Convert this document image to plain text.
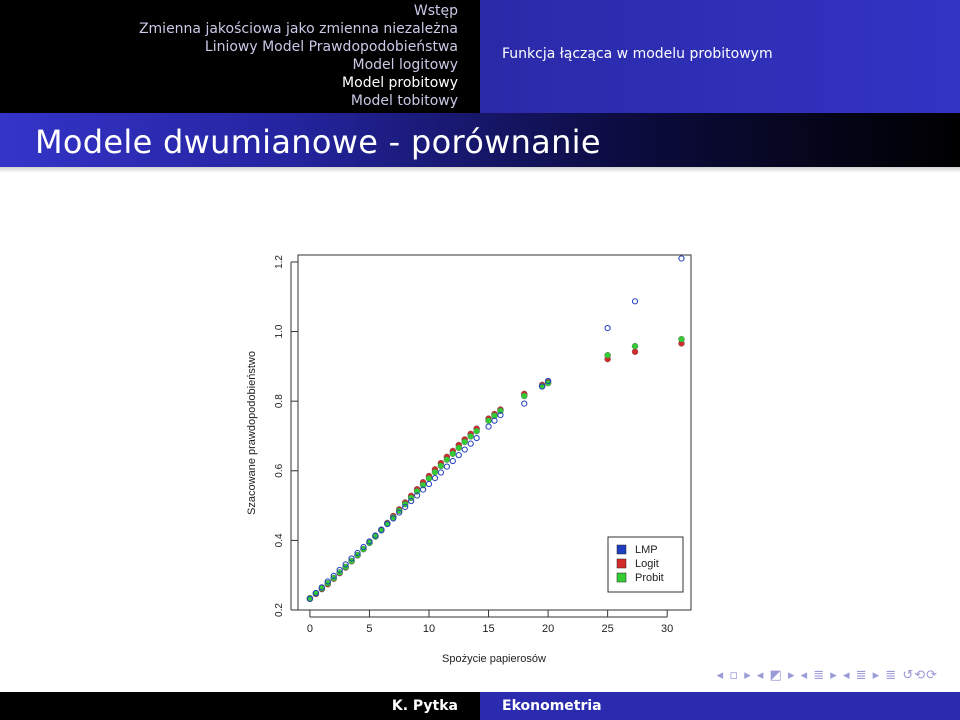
Wstęp
Zmienna jakościowa jako zmienna niezależna
Liniowy Model Prawdopodobieństwa
Model logitowy
Model probitowy
Model tobitowy
Funkcja łącząca w modelu probitowym
Modele dwumianowe - porównanie
0.2
0.4
0.6
0.8
1.0
1.2
0	5	10	15	20	25	30
Spożycie papierosów
Szacowane prawdopodobieństwo
LMP
Logit
Probit
◂ ▫ ▸ ◂ ◩ ▸ ◂ ≣ ▸ ◂ ≣ ▸ ≣ ↺⟲⟳
K. Pytka	Ekonometria
